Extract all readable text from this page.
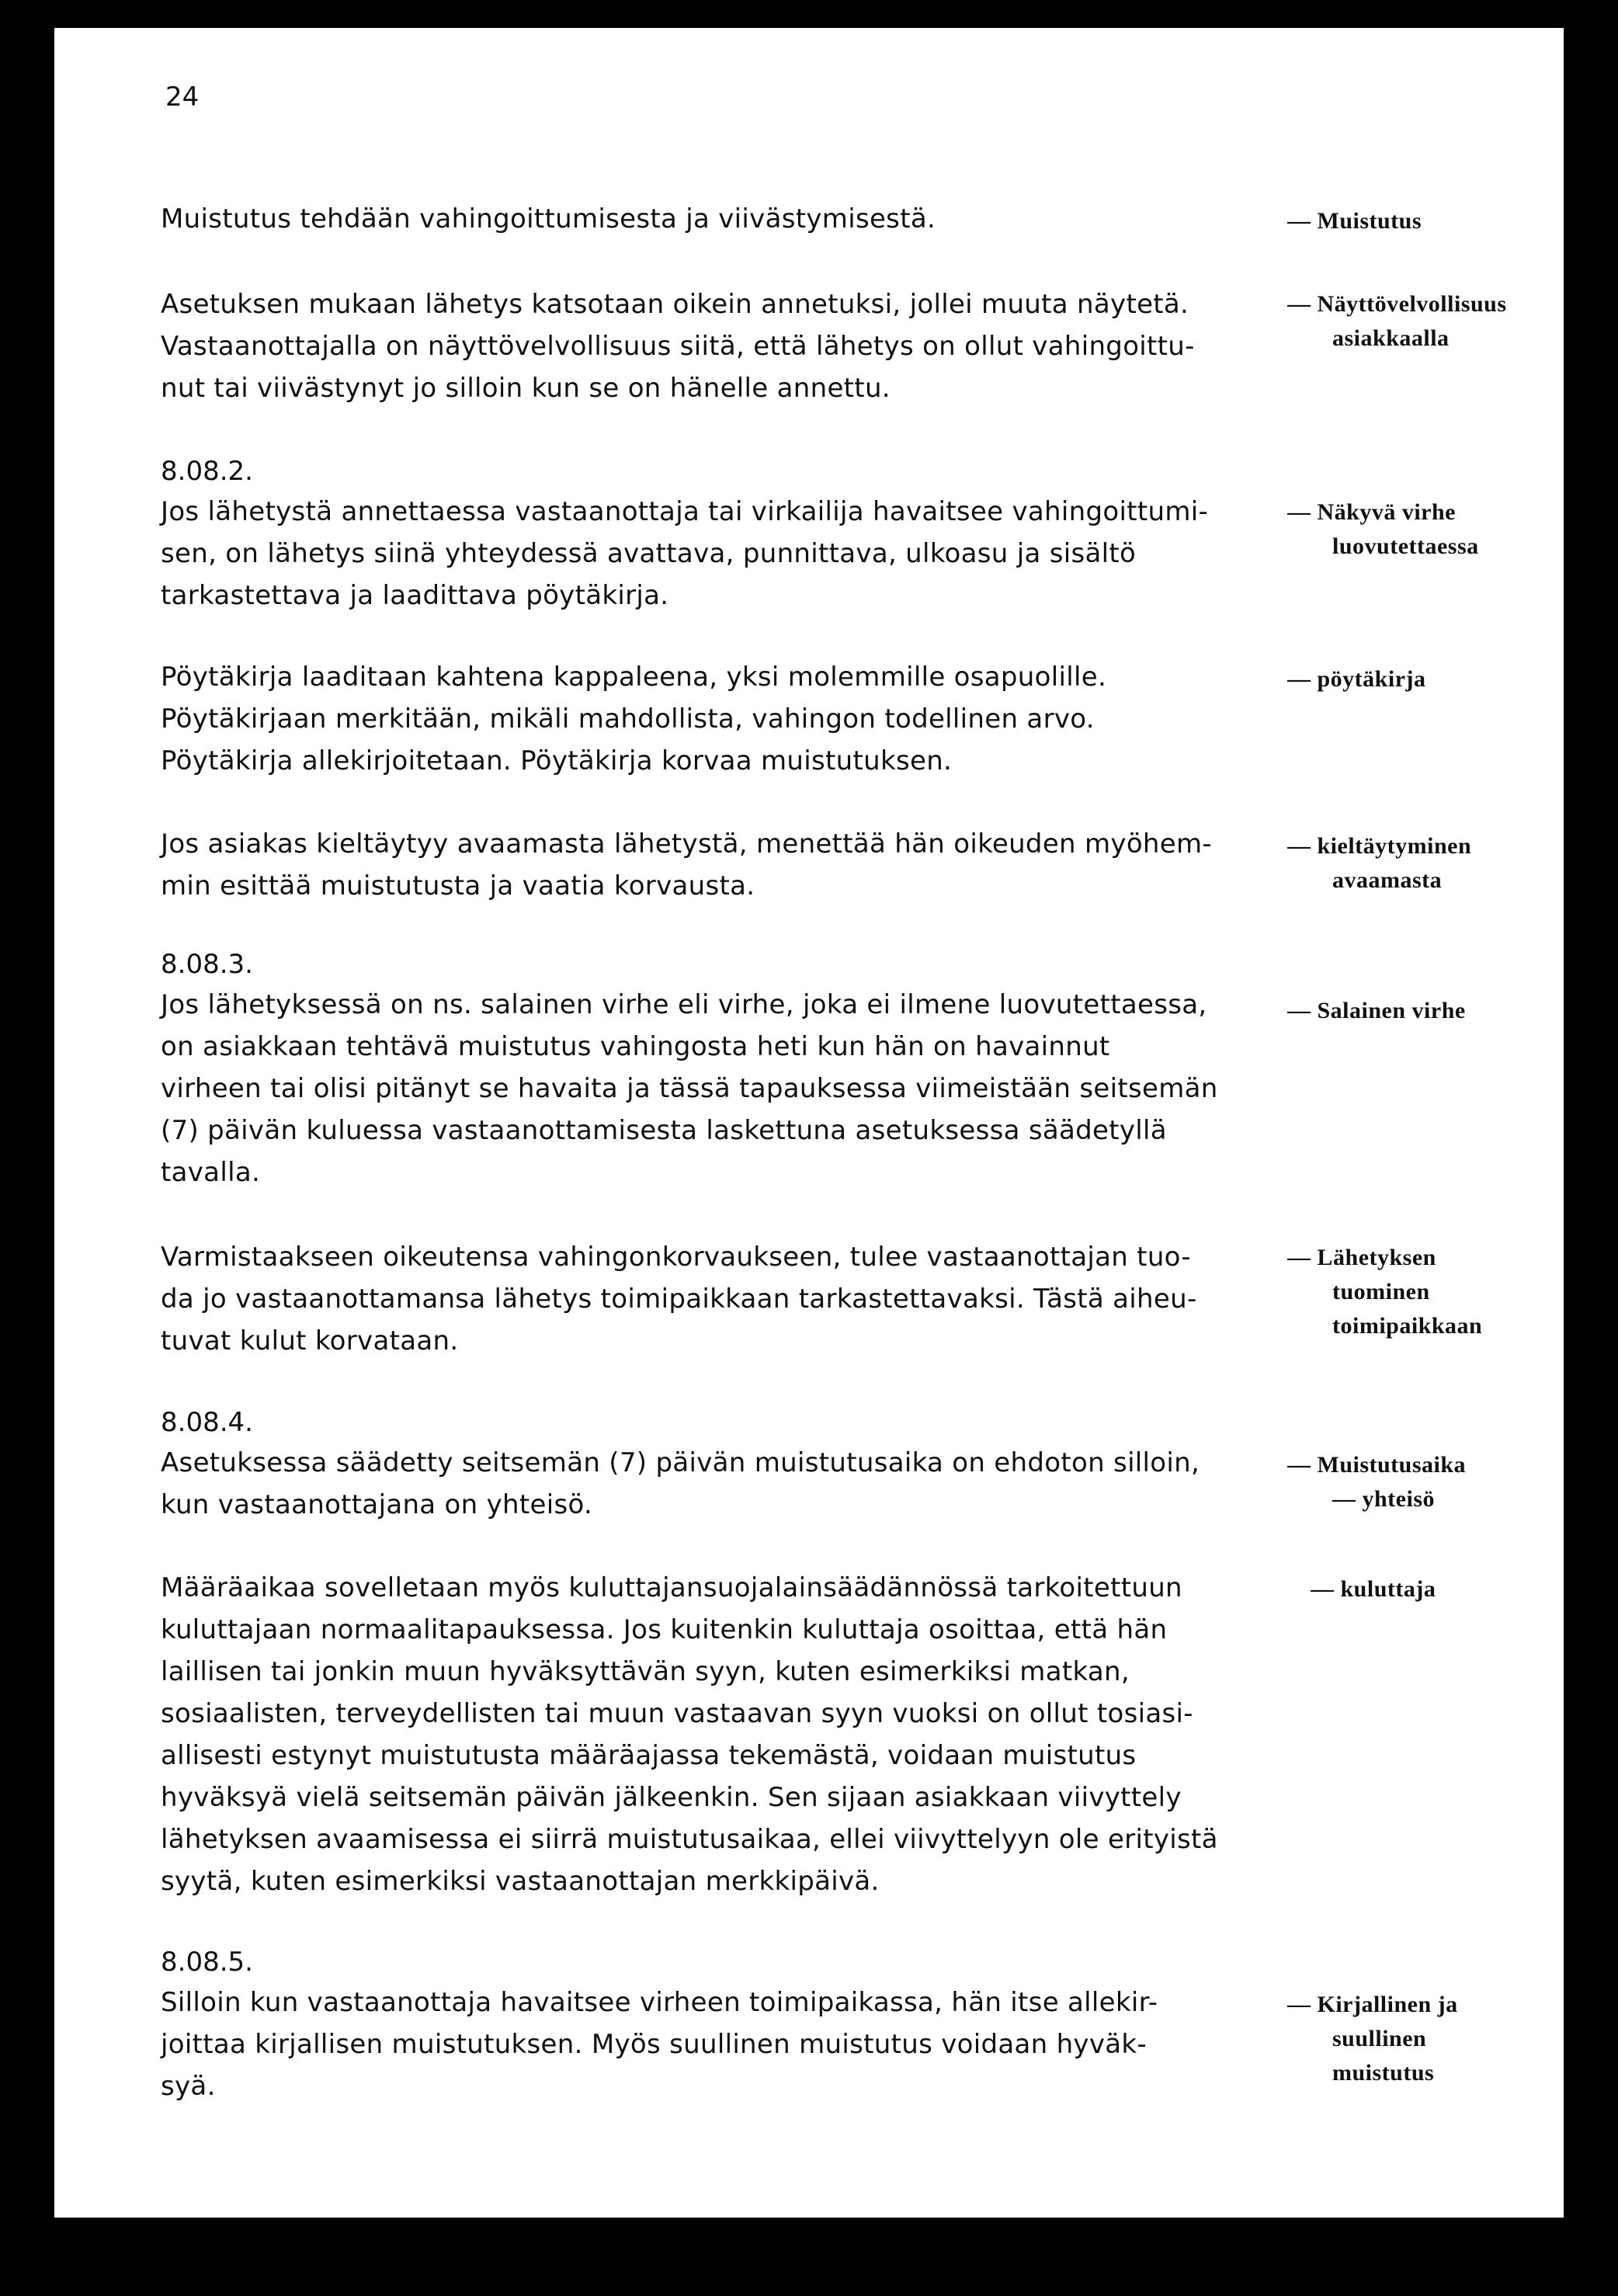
24
Muistutus tehdään vahingoittumisesta ja viivästymisestä.
Asetuksen mukaan lähetys katsotaan oikein annetuksi, jollei muuta näytetä.
Vastaanottajalla on näyttövelvollisuus siitä, että lähetys on ollut vahingoittu-
nut tai viivästynyt jo silloin kun se on hänelle annettu.
8.08.2.
Jos lähetystä annettaessa vastaanottaja tai virkailija havaitsee vahingoittumi-
sen, on lähetys siinä yhteydessä avattava, punnittava, ulkoasu ja sisältö
tarkastettava ja laadittava pöytäkirja.
Pöytäkirja laaditaan kahtena kappaleena, yksi molemmille osapuolille.
Pöytäkirjaan merkitään, mikäli mahdollista, vahingon todellinen arvo.
Pöytäkirja allekirjoitetaan. Pöytäkirja korvaa muistutuksen.
Jos asiakas kieltäytyy avaamasta lähetystä, menettää hän oikeuden myöhem-
min esittää muistutusta ja vaatia korvausta.
8.08.3.
Jos lähetyksessä on ns. salainen virhe eli virhe, joka ei ilmene luovutettaessa,
on asiakkaan tehtävä muistutus vahingosta heti kun hän on havainnut
virheen tai olisi pitänyt se havaita ja tässä tapauksessa viimeistään seitsemän
(7) päivän kuluessa vastaanottamisesta laskettuna asetuksessa säädetyllä
tavalla.
Varmistaakseen oikeutensa vahingonkorvaukseen, tulee vastaanottajan tuo-
da jo vastaanottamansa lähetys toimipaikkaan tarkastettavaksi. Tästä aiheu-
tuvat kulut korvataan.
8.08.4.
Asetuksessa säädetty seitsemän (7) päivän muistutusaika on ehdoton silloin,
kun vastaanottajana on yhteisö.
Määräaikaa sovelletaan myös kuluttajansuojalainsäädännössä tarkoitettuun
kuluttajaan normaalitapauksessa. Jos kuitenkin kuluttaja osoittaa, että hän
laillisen tai jonkin muun hyväksyttävän syyn, kuten esimerkiksi matkan,
sosiaalisten, terveydellisten tai muun vastaavan syyn vuoksi on ollut tosiasi-
allisesti estynyt muistutusta määräajassa tekemästä, voidaan muistutus
hyväksyä vielä seitsemän päivän jälkeenkin. Sen sijaan asiakkaan viivyttely
lähetyksen avaamisessa ei siirrä muistutusaikaa, ellei viivyttelyyn ole erityistä
syytä, kuten esimerkiksi vastaanottajan merkkipäivä.
8.08.5.
Silloin kun vastaanottaja havaitsee virheen toimipaikassa, hän itse allekir-
joittaa kirjallisen muistutuksen. Myös suullinen muistutus voidaan hyväk-
syä.
— Muistutus
— Näyttövelvollisuus
asiakkaalla
— Näkyvä virhe
luovutettaessa
— pöytäkirja
— kieltäytyminen
avaamasta
— Salainen virhe
— Lähetyksen
tuominen
toimipaikkaan
— Muistutusaika
— yhteisö
— kuluttaja
— Kirjallinen ja
suullinen
muistutus
